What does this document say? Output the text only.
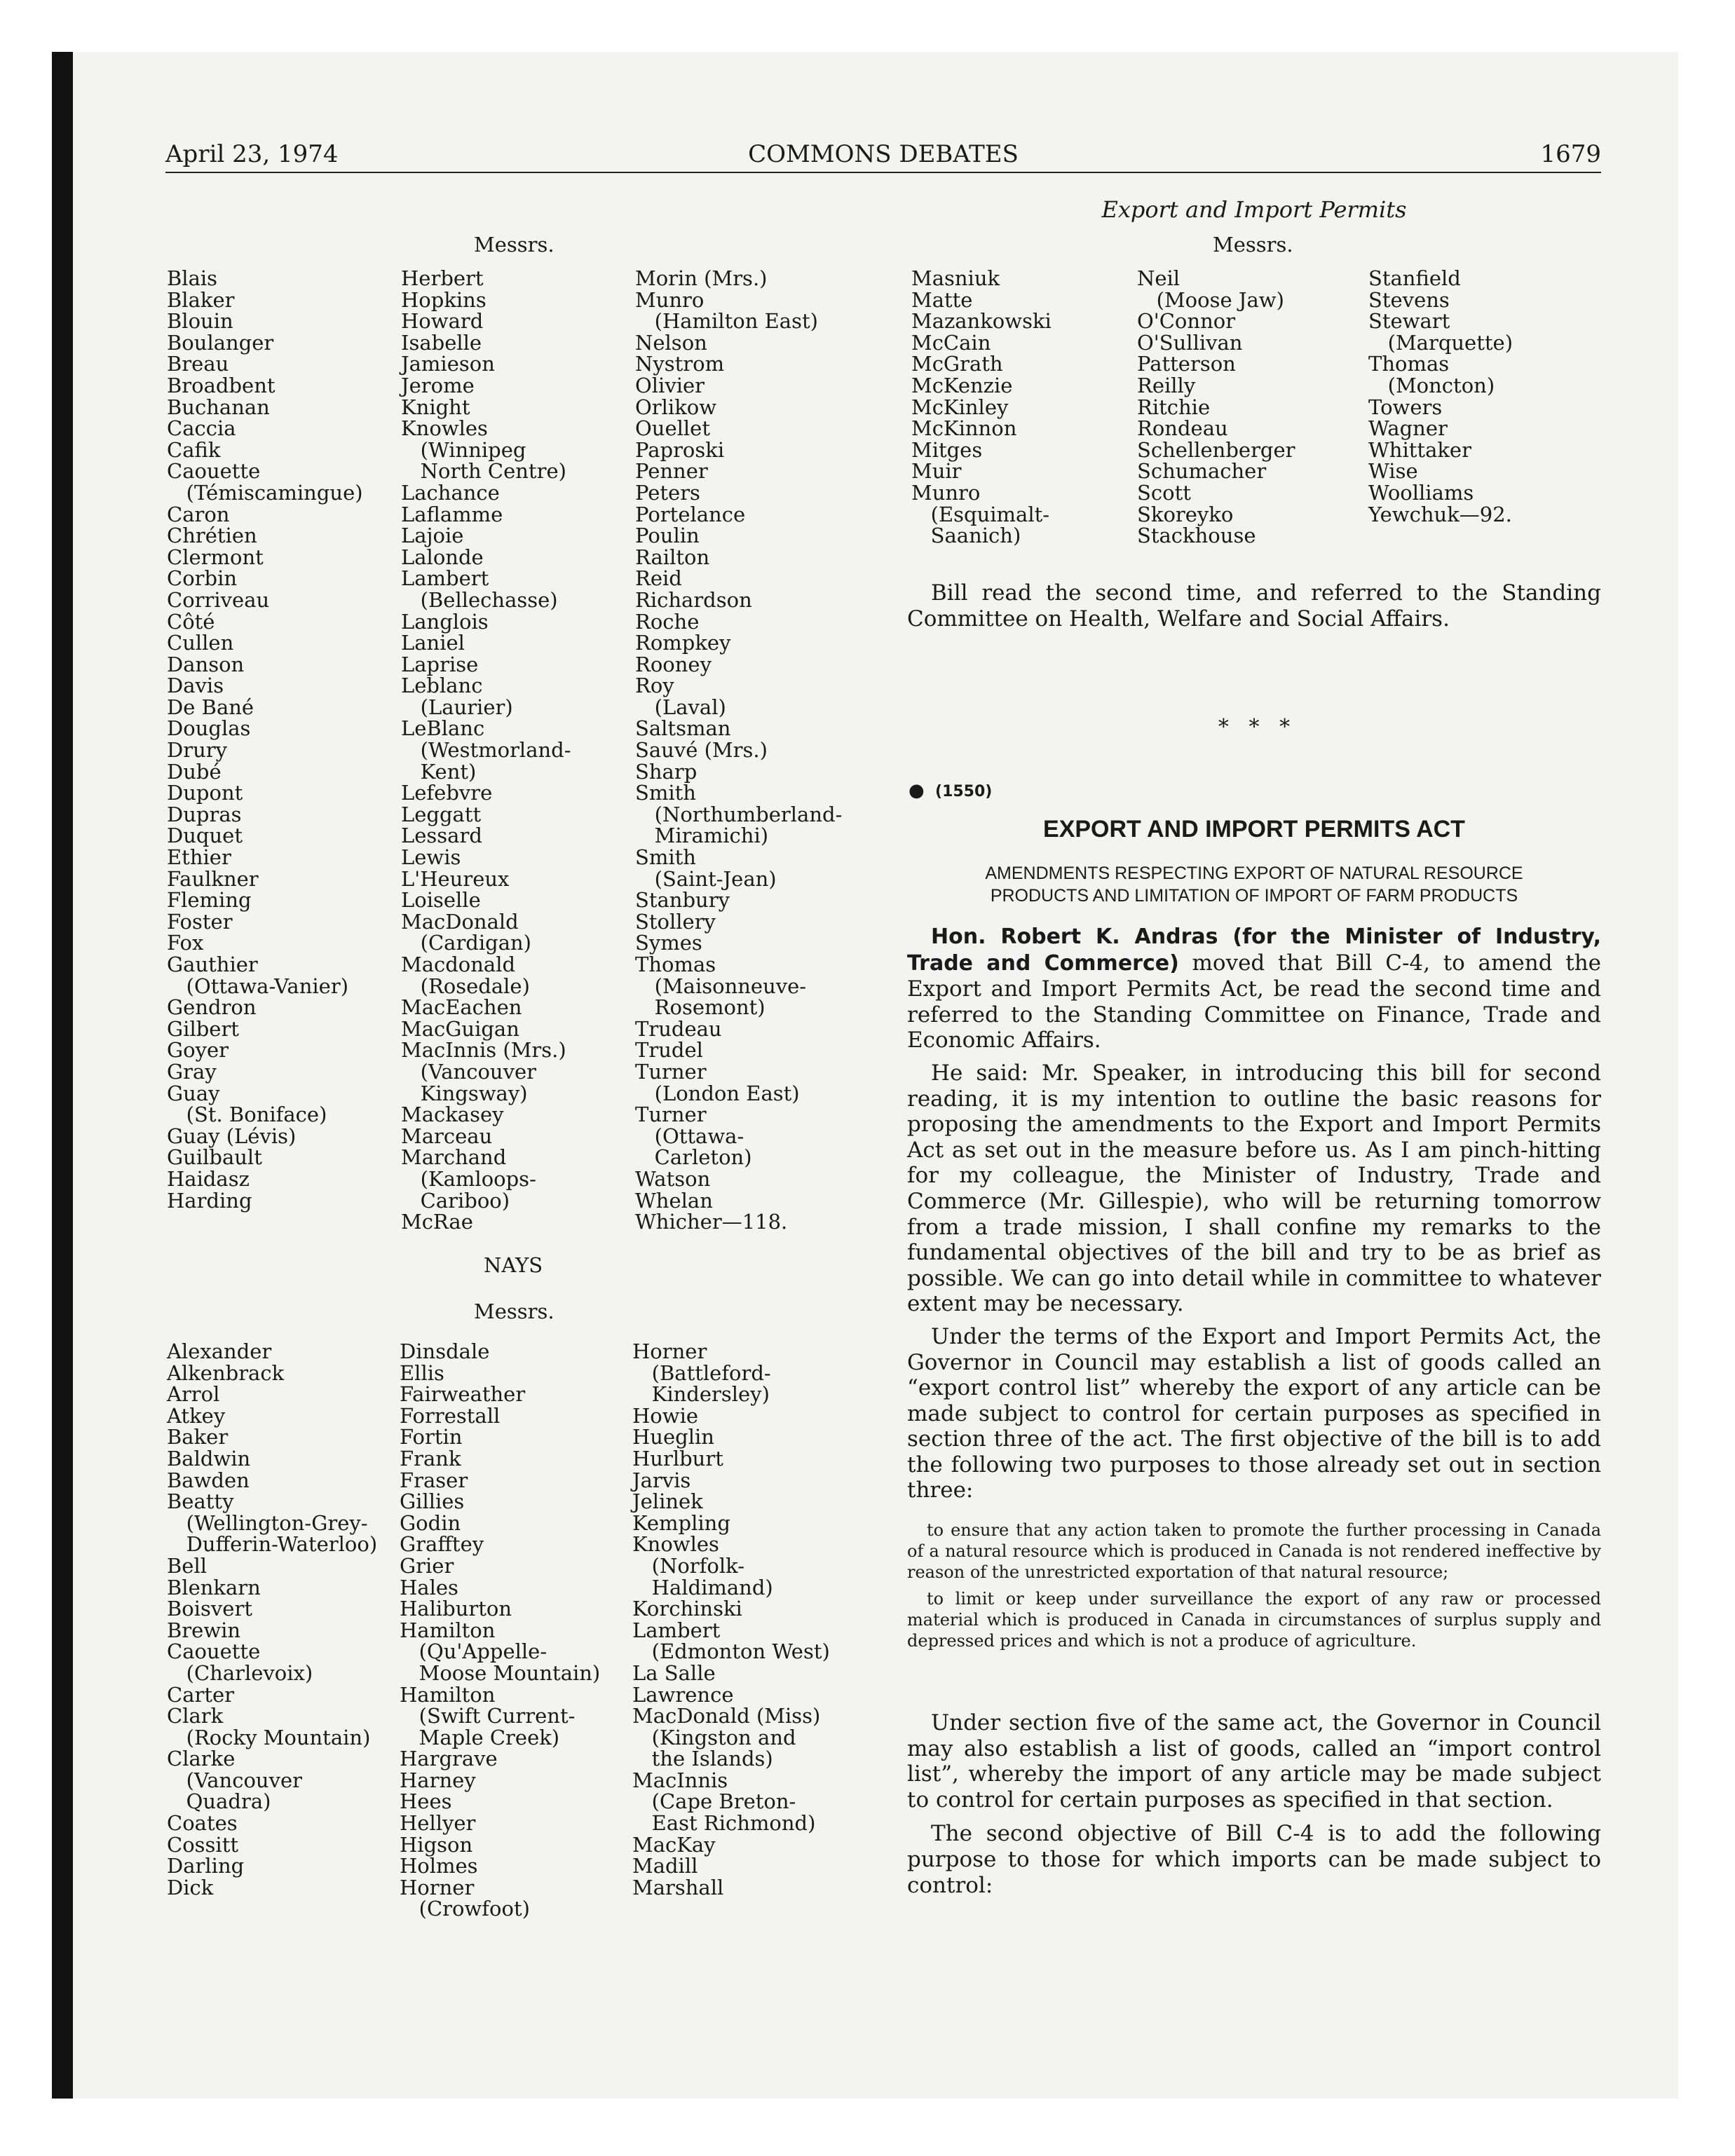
April 23, 1974	COMMONS DEBATES	1679
Messrs.
Blais
Blaker
Blouin
Boulanger
Breau
Broadbent
Buchanan
Caccia
Cafik
Caouette
(Témiscamingue)
Caron
Chrétien
Clermont
Corbin
Corriveau
Côté
Cullen
Danson
Davis
De Bané
Douglas
Drury
Dubé
Dupont
Dupras
Duquet
Ethier
Faulkner
Fleming
Foster
Fox
Gauthier
(Ottawa-Vanier)
Gendron
Gilbert
Goyer
Gray
Guay
(St. Boniface)
Guay (Lévis)
Guilbault
Haidasz
Harding
Herbert
Hopkins
Howard
Isabelle
Jamieson
Jerome
Knight
Knowles
(Winnipeg
North Centre)
Lachance
Laflamme
Lajoie
Lalonde
Lambert
(Bellechasse)
Langlois
Laniel
Laprise
Leblanc
(Laurier)
LeBlanc
(Westmorland-
Kent)
Lefebvre
Leggatt
Lessard
Lewis
L'Heureux
Loiselle
MacDonald
(Cardigan)
Macdonald
(Rosedale)
MacEachen
MacGuigan
MacInnis (Mrs.)
(Vancouver
Kingsway)
Mackasey
Marceau
Marchand
(Kamloops-
Cariboo)
McRae
Morin (Mrs.)
Munro
(Hamilton East)
Nelson
Nystrom
Olivier
Orlikow
Ouellet
Paproski
Penner
Peters
Portelance
Poulin
Railton
Reid
Richardson
Roche
Rompkey
Rooney
Roy
(Laval)
Saltsman
Sauvé (Mrs.)
Sharp
Smith
(Northumberland-
Miramichi)
Smith
(Saint-Jean)
Stanbury
Stollery
Symes
Thomas
(Maisonneuve-
Rosemont)
Trudeau
Trudel
Turner
(London East)
Turner
(Ottawa-
Carleton)
Watson
Whelan
Whicher—118.
NAYS
Messrs.
Alexander
Alkenbrack
Arrol
Atkey
Baker
Baldwin
Bawden
Beatty
(Wellington-Grey-
Dufferin-Waterloo)
Bell
Blenkarn
Boisvert
Brewin
Caouette
(Charlevoix)
Carter
Clark
(Rocky Mountain)
Clarke
(Vancouver
Quadra)
Coates
Cossitt
Darling
Dick
Dinsdale
Ellis
Fairweather
Forrestall
Fortin
Frank
Fraser
Gillies
Godin
Grafftey
Grier
Hales
Haliburton
Hamilton
(Qu'Appelle-
Moose Mountain)
Hamilton
(Swift Current-
Maple Creek)
Hargrave
Harney
Hees
Hellyer
Higson
Holmes
Horner
(Crowfoot)
Horner
(Battleford-
Kindersley)
Howie
Hueglin
Hurlburt
Jarvis
Jelinek
Kempling
Knowles
(Norfolk-
Haldimand)
Korchinski
Lambert
(Edmonton West)
La Salle
Lawrence
MacDonald (Miss)
(Kingston and
the Islands)
MacInnis
(Cape Breton-
East Richmond)
MacKay
Madill
Marshall
Export and Import Permits
Messrs.
Masniuk
Matte
Mazankowski
McCain
McGrath
McKenzie
McKinley
McKinnon
Mitges
Muir
Munro
(Esquimalt-
Saanich)
Neil
(Moose Jaw)
O'Connor
O'Sullivan
Patterson
Reilly
Ritchie
Rondeau
Schellenberger
Schumacher
Scott
Skoreyko
Stackhouse
Stanfield
Stevens
Stewart
(Marquette)
Thomas
(Moncton)
Towers
Wagner
Whittaker
Wise
Woolliams
Yewchuk—92.

Bill read the second time, and referred to the Standing Committee on Health, Welfare and Social Affairs.

*   *   *
● (1550)
EXPORT AND IMPORT PERMITS ACT
AMENDMENTS RESPECTING EXPORT OF NATURAL RESOURCE
PRODUCTS AND LIMITATION OF IMPORT OF FARM PRODUCTS

Hon. Robert K. Andras (for the Minister of Industry, Trade and Commerce) moved that Bill C-4, to amend the Export and Import Permits Act, be read the second time and referred to the Standing Committee on Finance, Trade and Economic Affairs.

He said: Mr. Speaker, in introducing this bill for second reading, it is my intention to outline the basic reasons for proposing the amendments to the Export and Import Permits Act as set out in the measure before us. As I am pinch-hitting for my colleague, the Minister of Industry, Trade and Commerce (Mr. Gillespie), who will be returning tomorrow from a trade mission, I shall confine my remarks to the fundamental objectives of the bill and try to be as brief as possible. We can go into detail while in committee to whatever extent may be necessary.

Under the terms of the Export and Import Permits Act, the Governor in Council may establish a list of goods called an “export control list” whereby the export of any article can be made subject to control for certain purposes as specified in section three of the act. The first objective of the bill is to add the following two purposes to those already set out in section three:

to ensure that any action taken to promote the further processing in Canada of a natural resource which is produced in Canada is not rendered ineffective by reason of the unrestricted exportation of that natural resource;

to limit or keep under surveillance the export of any raw or processed material which is produced in Canada in circumstances of surplus supply and depressed prices and which is not a produce of agriculture.

Under section five of the same act, the Governor in Council may also establish a list of goods, called an “import control list”, whereby the import of any article may be made subject to control for certain purposes as specified in that section.

The second objective of Bill C-4 is to add the following purpose to those for which imports can be made subject to control:
